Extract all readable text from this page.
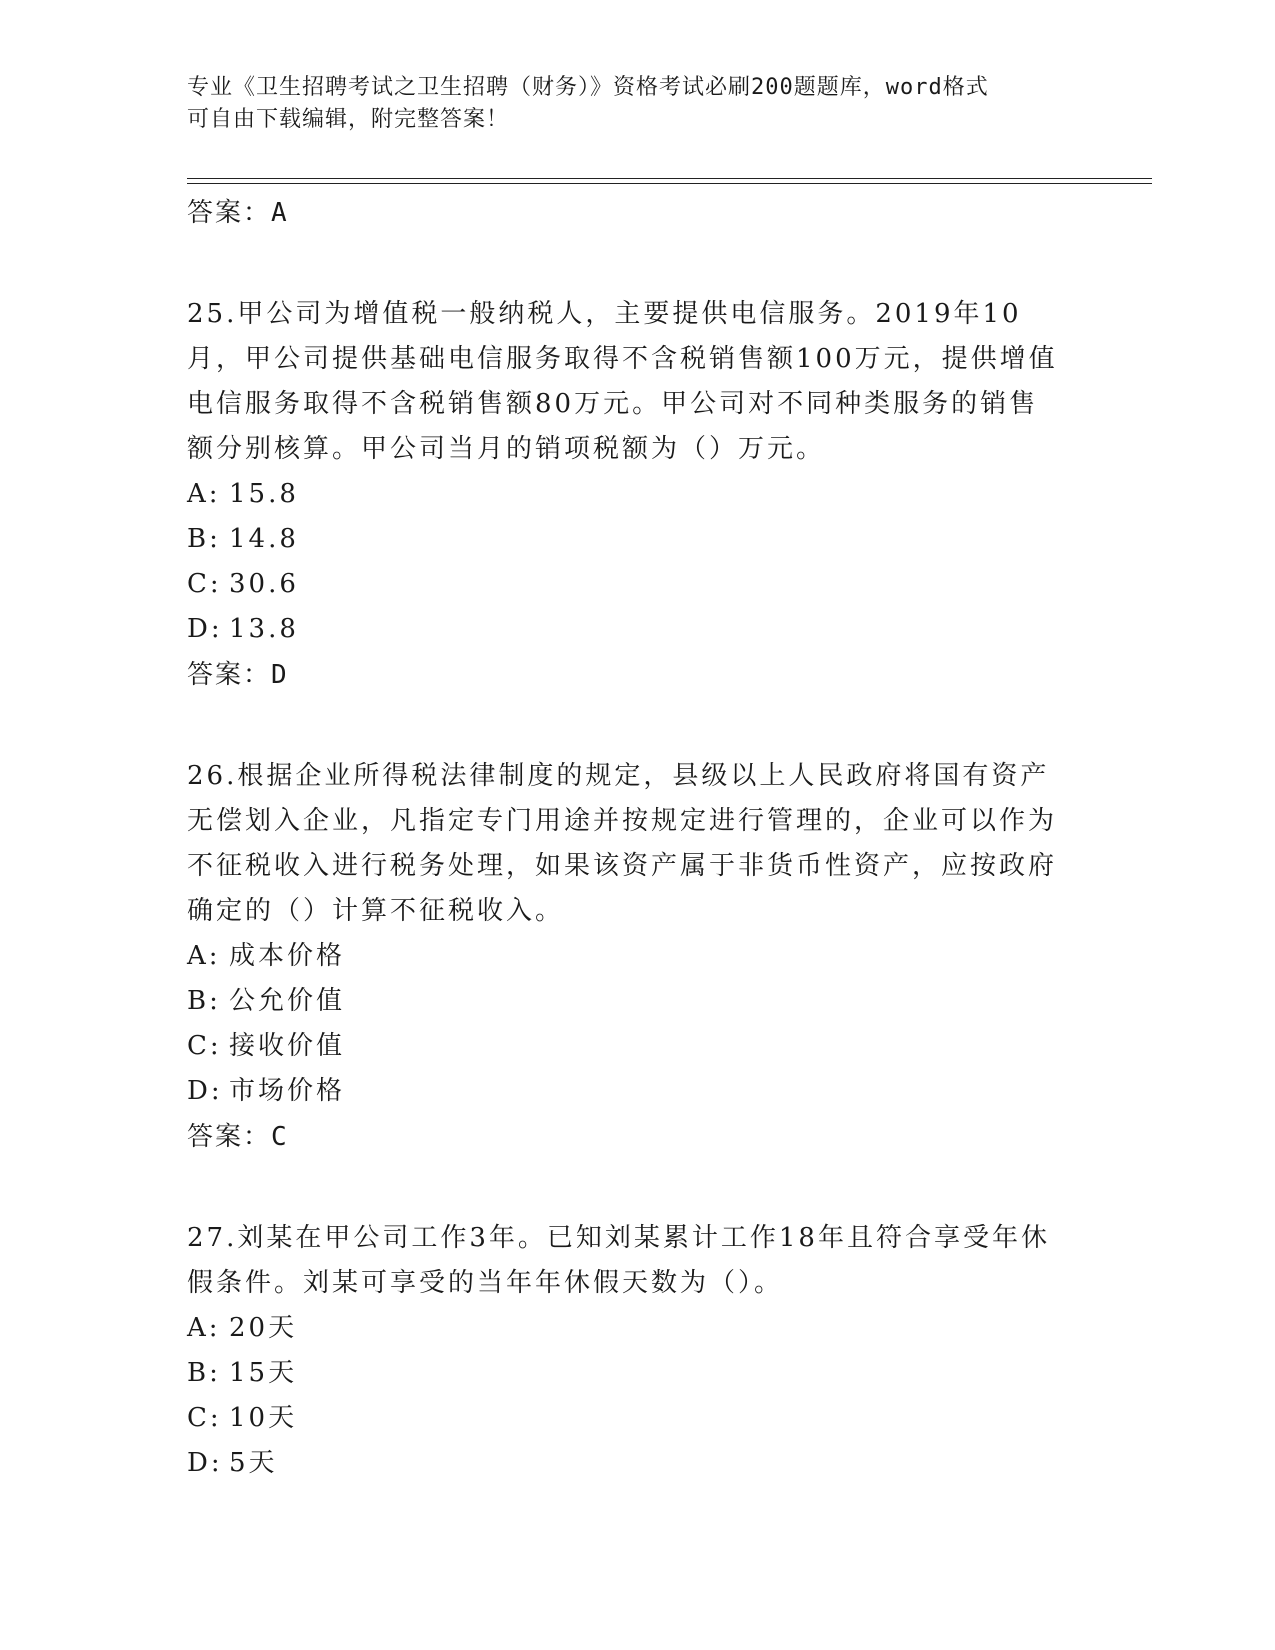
专业《卫生招聘考试之卫生招聘（财务）》资格考试必刷200题题库，word格式
可自由下载编辑，附完整答案！
答案：A
25.甲公司为增值税一般纳税人，主要提供电信服务。2019年10月，甲公司提供基础电信服务取得不含税销售额100万元，提供增值电信服务取得不含税销售额80万元。甲公司对不同种类服务的销售额分别核算。甲公司当月的销项税额为（）万元。
A: 15.8
B: 14.8
C: 30.6
D: 13.8
答案：D
26.根据企业所得税法律制度的规定，县级以上人民政府将国有资产无偿划入企业，凡指定专门用途并按规定进行管理的，企业可以作为不征税收入进行税务处理，如果该资产属于非货币性资产，应按政府确定的（）计算不征税收入。
A: 成本价格
B: 公允价值
C: 接收价值
D: 市场价格
答案：C
27.刘某在甲公司工作3年。已知刘某累计工作18年且符合享受年休假条件。刘某可享受的当年年休假天数为（）。
A: 20天
B: 15天
C: 10天
D: 5天
